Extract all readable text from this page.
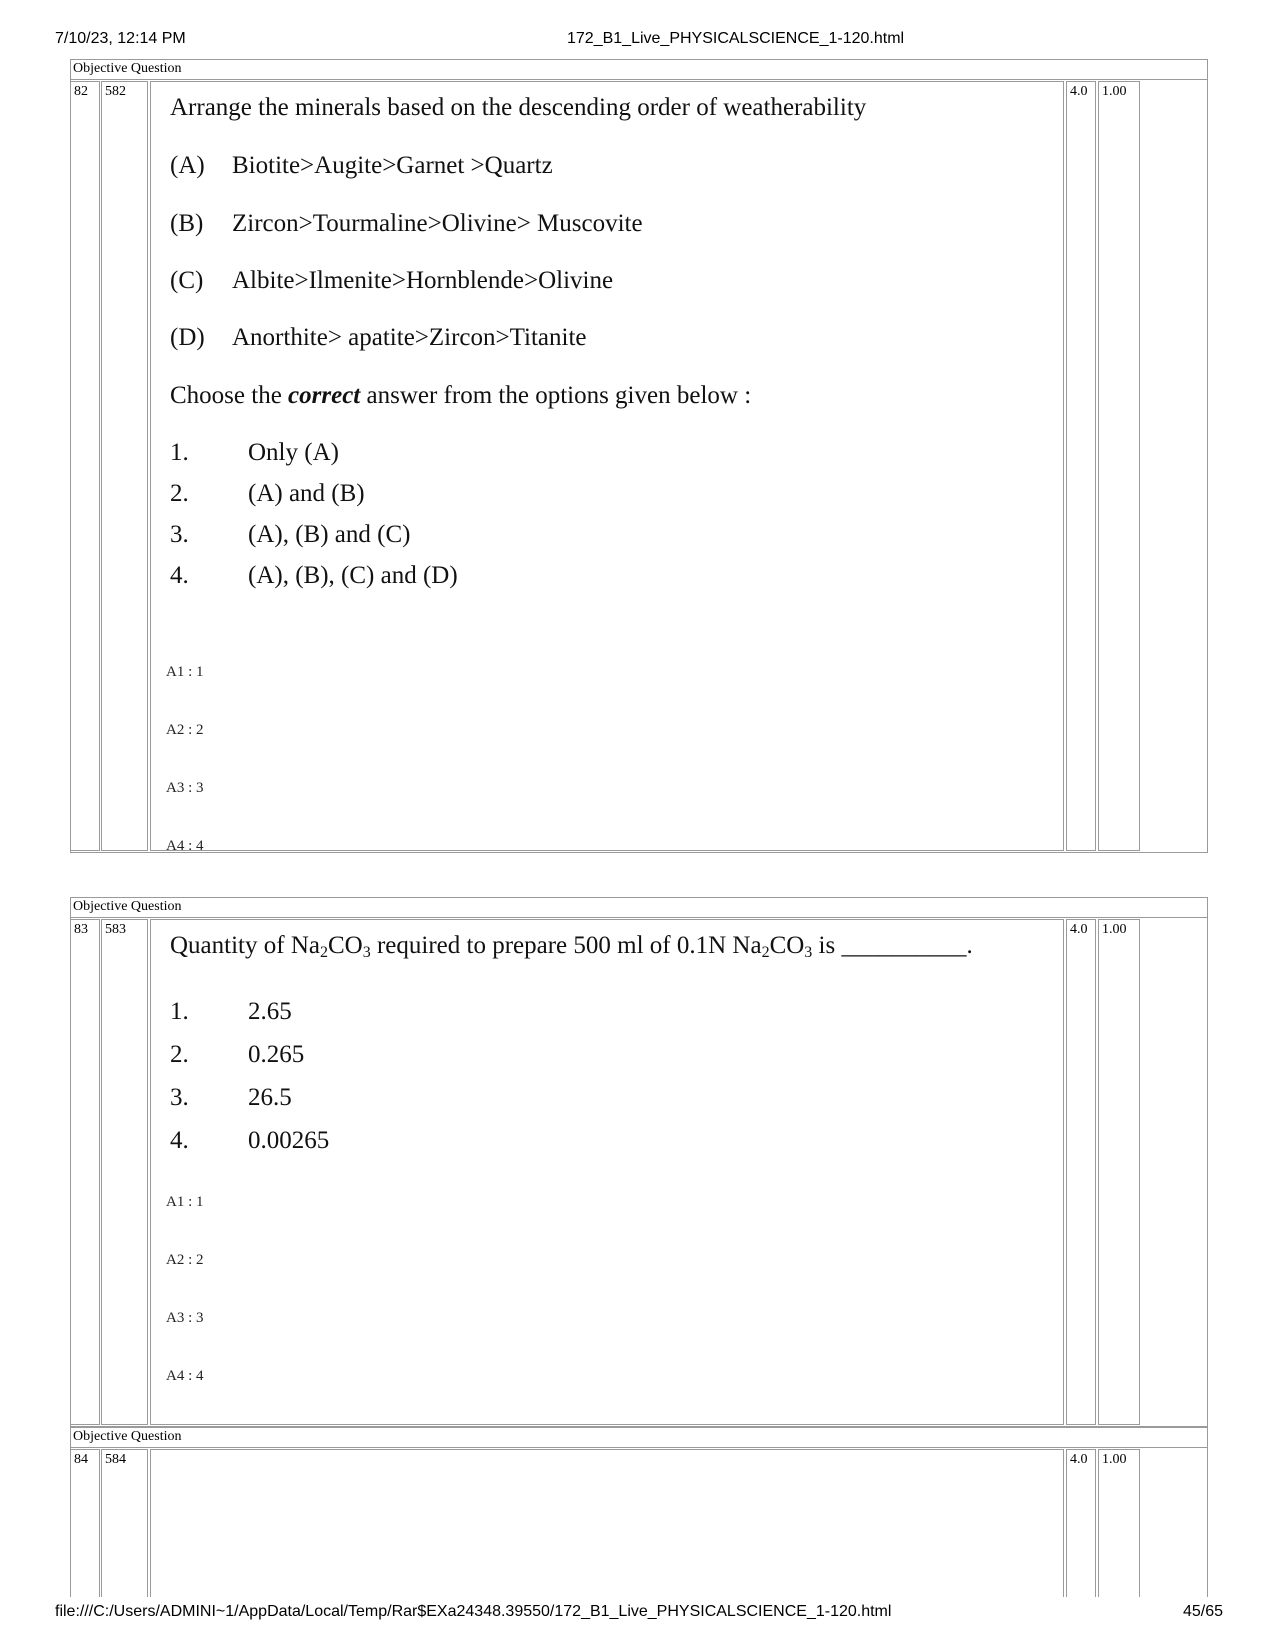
7/10/23, 12:14 PM	172_B1_Live_PHYSICALSCIENCE_1-120.html
file:///C:/Users/ADMINI~1/AppData/Local/Temp/Rar$EXa24348.39550/172_B1_Live_PHYSICALSCIENCE_1-120.html	45/65
Objective Question
82	582	4.0	1.00
Arrange the minerals based on the descending order of weatherability
(A) Biotite>Augite>Garnet >Quartz
(B) Zircon>Tourmaline>Olivine> Muscovite
(C) Albite>Ilmenite>Hornblende>Olivine
(D) Anorthite> apatite>Zircon>Titanite
Choose the correct answer from the options given below :
1. Only (A)
2. (A) and (B)
3. (A), (B) and (C)
4. (A), (B), (C) and (D)
A1 : 1
A2 : 2
A3 : 3
A4 : 4
Objective Question
83	583	4.0	1.00
Quantity of $Na_2CO_3$ required to prepare 500 ml of 0.1N $Na_2CO_3$ is __________.
1. 2.65
2. 0.265
3. 26.5
4. 0.00265
A1 : 1
A2 : 2
A3 : 3
A4 : 4
Objective Question
84	584	4.0	1.00
